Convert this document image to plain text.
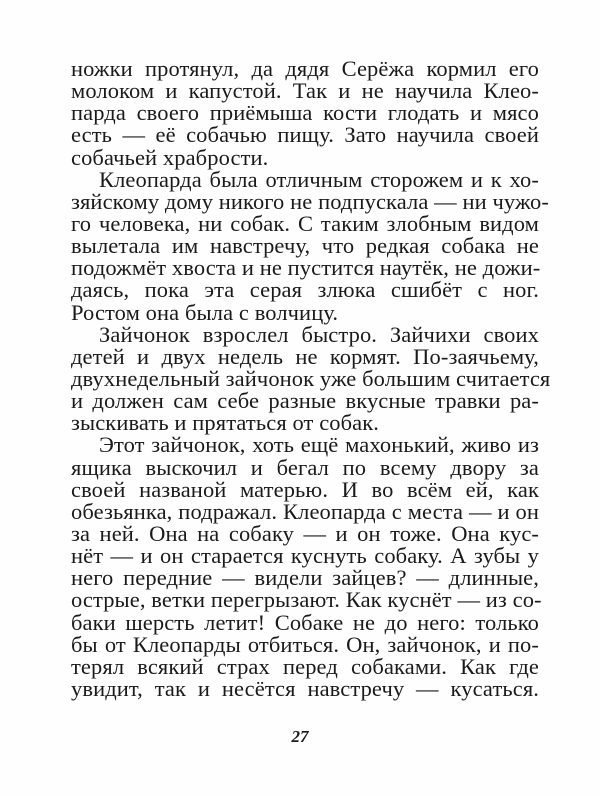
ножки протянул, да дядя Серёжа кормил его
молоком и капустой. Так и не научила Клео-
парда своего приёмыша кости глодать и мясо
есть — её собачью пищу. Зато научила своей
собачьей храбрости.
Клеопарда была отличным сторожем и к хо-
зяйскому дому никого не подпускала — ни чужо-
го человека, ни собак. С таким злобным видом
вылетала им навстречу, что редкая собака не
подожмёт хвоста и не пустится наутёк, не дожи-
даясь, пока эта серая злюка сшибёт с ног.
Ростом она была с волчицу.
Зайчонок взрослел быстро. Зайчихи своих
детей и двух недель не кормят. По-заячьему,
двухнедельный зайчонок уже большим считается
и должен сам себе разные вкусные травки ра-
зыскивать и прятаться от собак.
Этот зайчонок, хоть ещё махонький, живо из
ящика выскочил и бегал по всему двору за
своей названой матерью. И во всём ей, как
обезьянка, подражал. Клеопарда с места — и он
за ней. Она на собаку — и он тоже. Она кус-
нёт — и он старается куснуть собаку. А зубы у
него передние — видели зайцев? — длинные,
острые, ветки перегрызают. Как куснёт — из со-
баки шерсть летит! Собаке не до него: только
бы от Клеопарды отбиться. Он, зайчонок, и по-
терял всякий страх перед собаками. Как где
увидит, так и несётся навстречу — кусаться.
27
